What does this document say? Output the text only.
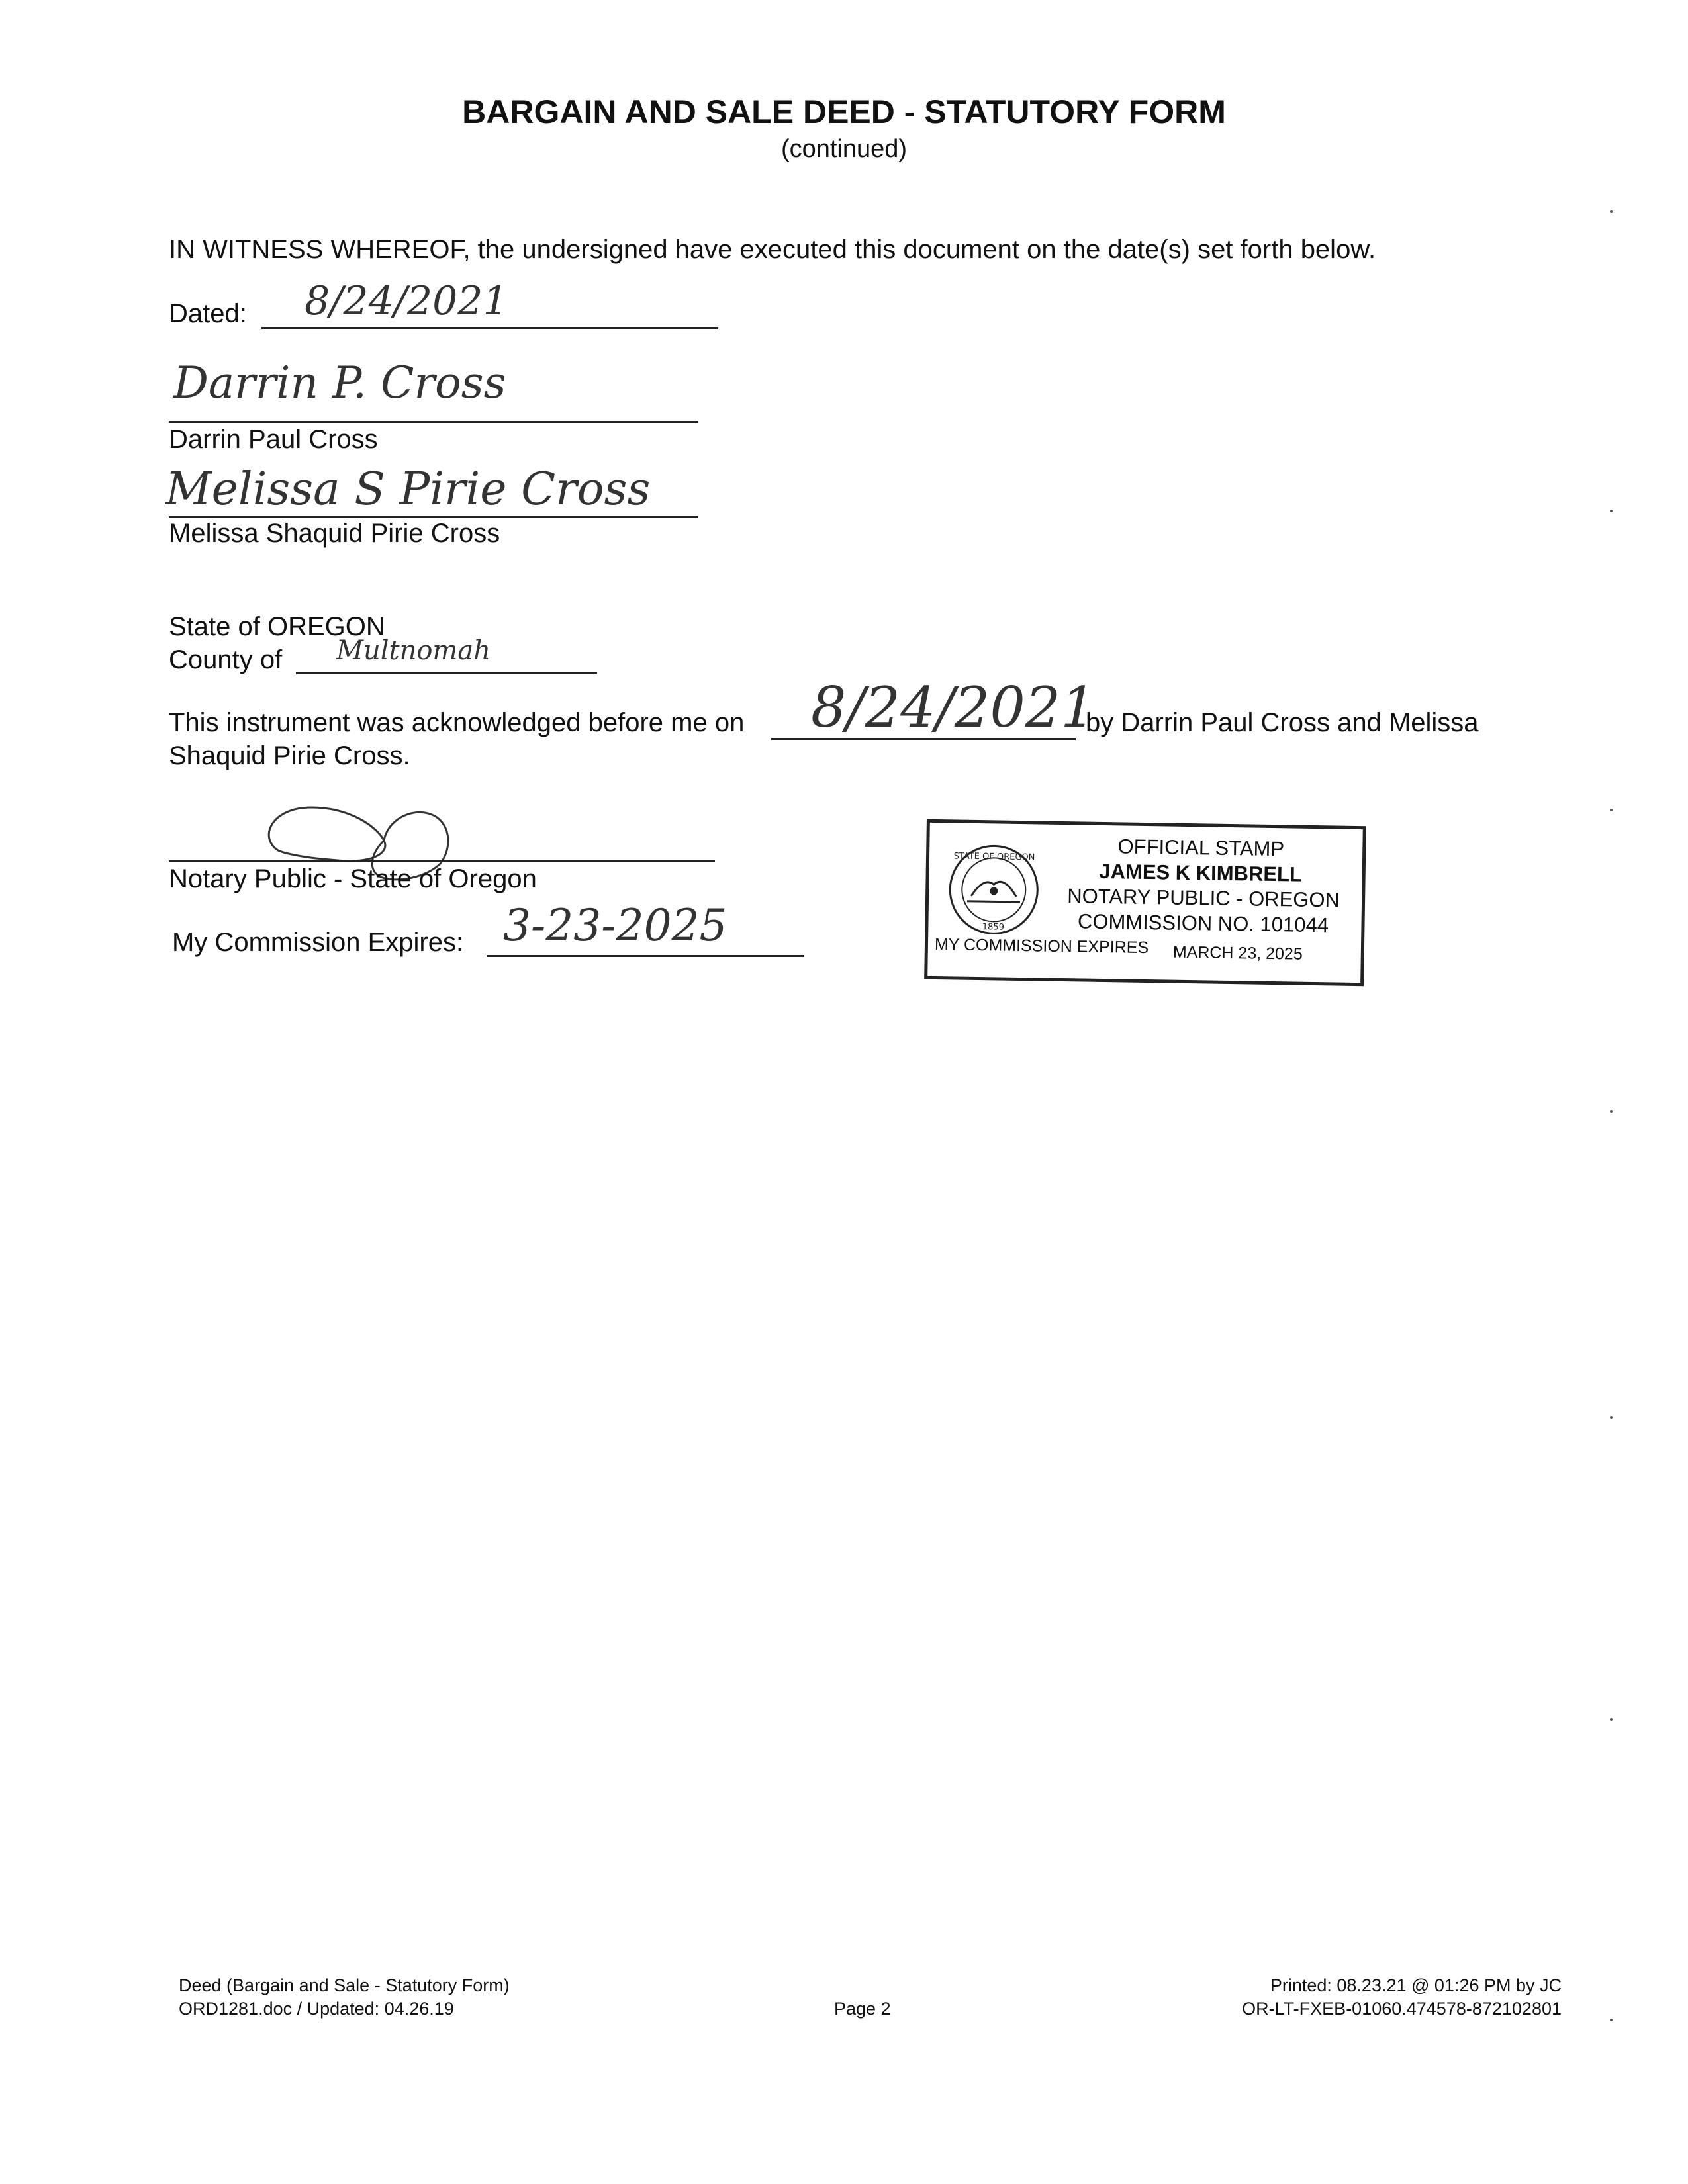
BARGAIN AND SALE DEED - STATUTORY FORM
(continued)
IN WITNESS WHEREOF, the undersigned have executed this document on the date(s) set forth below.
Dated: 8/24/2021
Darrin P. Cross
Darrin Paul Cross
Melissa S Pirie Cross
Melissa Shaquid Pirie Cross
State of OREGON
County of Multnomah
This instrument was acknowledged before me on 8/24/2021
by Darrin Paul Cross and Melissa
Shaquid Pirie Cross.
Notary Public - State of Oregon
My Commission Expires: 3-23-2025
STATE OF OREGON
1859
OFFICIAL STAMP
JAMES K KIMBRELL
NOTARY PUBLIC - OREGON
COMMISSION NO. 101044
MY COMMISSION EXPIRES MARCH 23, 2025
Deed (Bargain and Sale - Statutory Form)
ORD1281.doc / Updated: 04.26.19	Page 2
Printed: 08.23.21 @ 01:26 PM by JC
OR-LT-FXEB-01060.474578-872102801
